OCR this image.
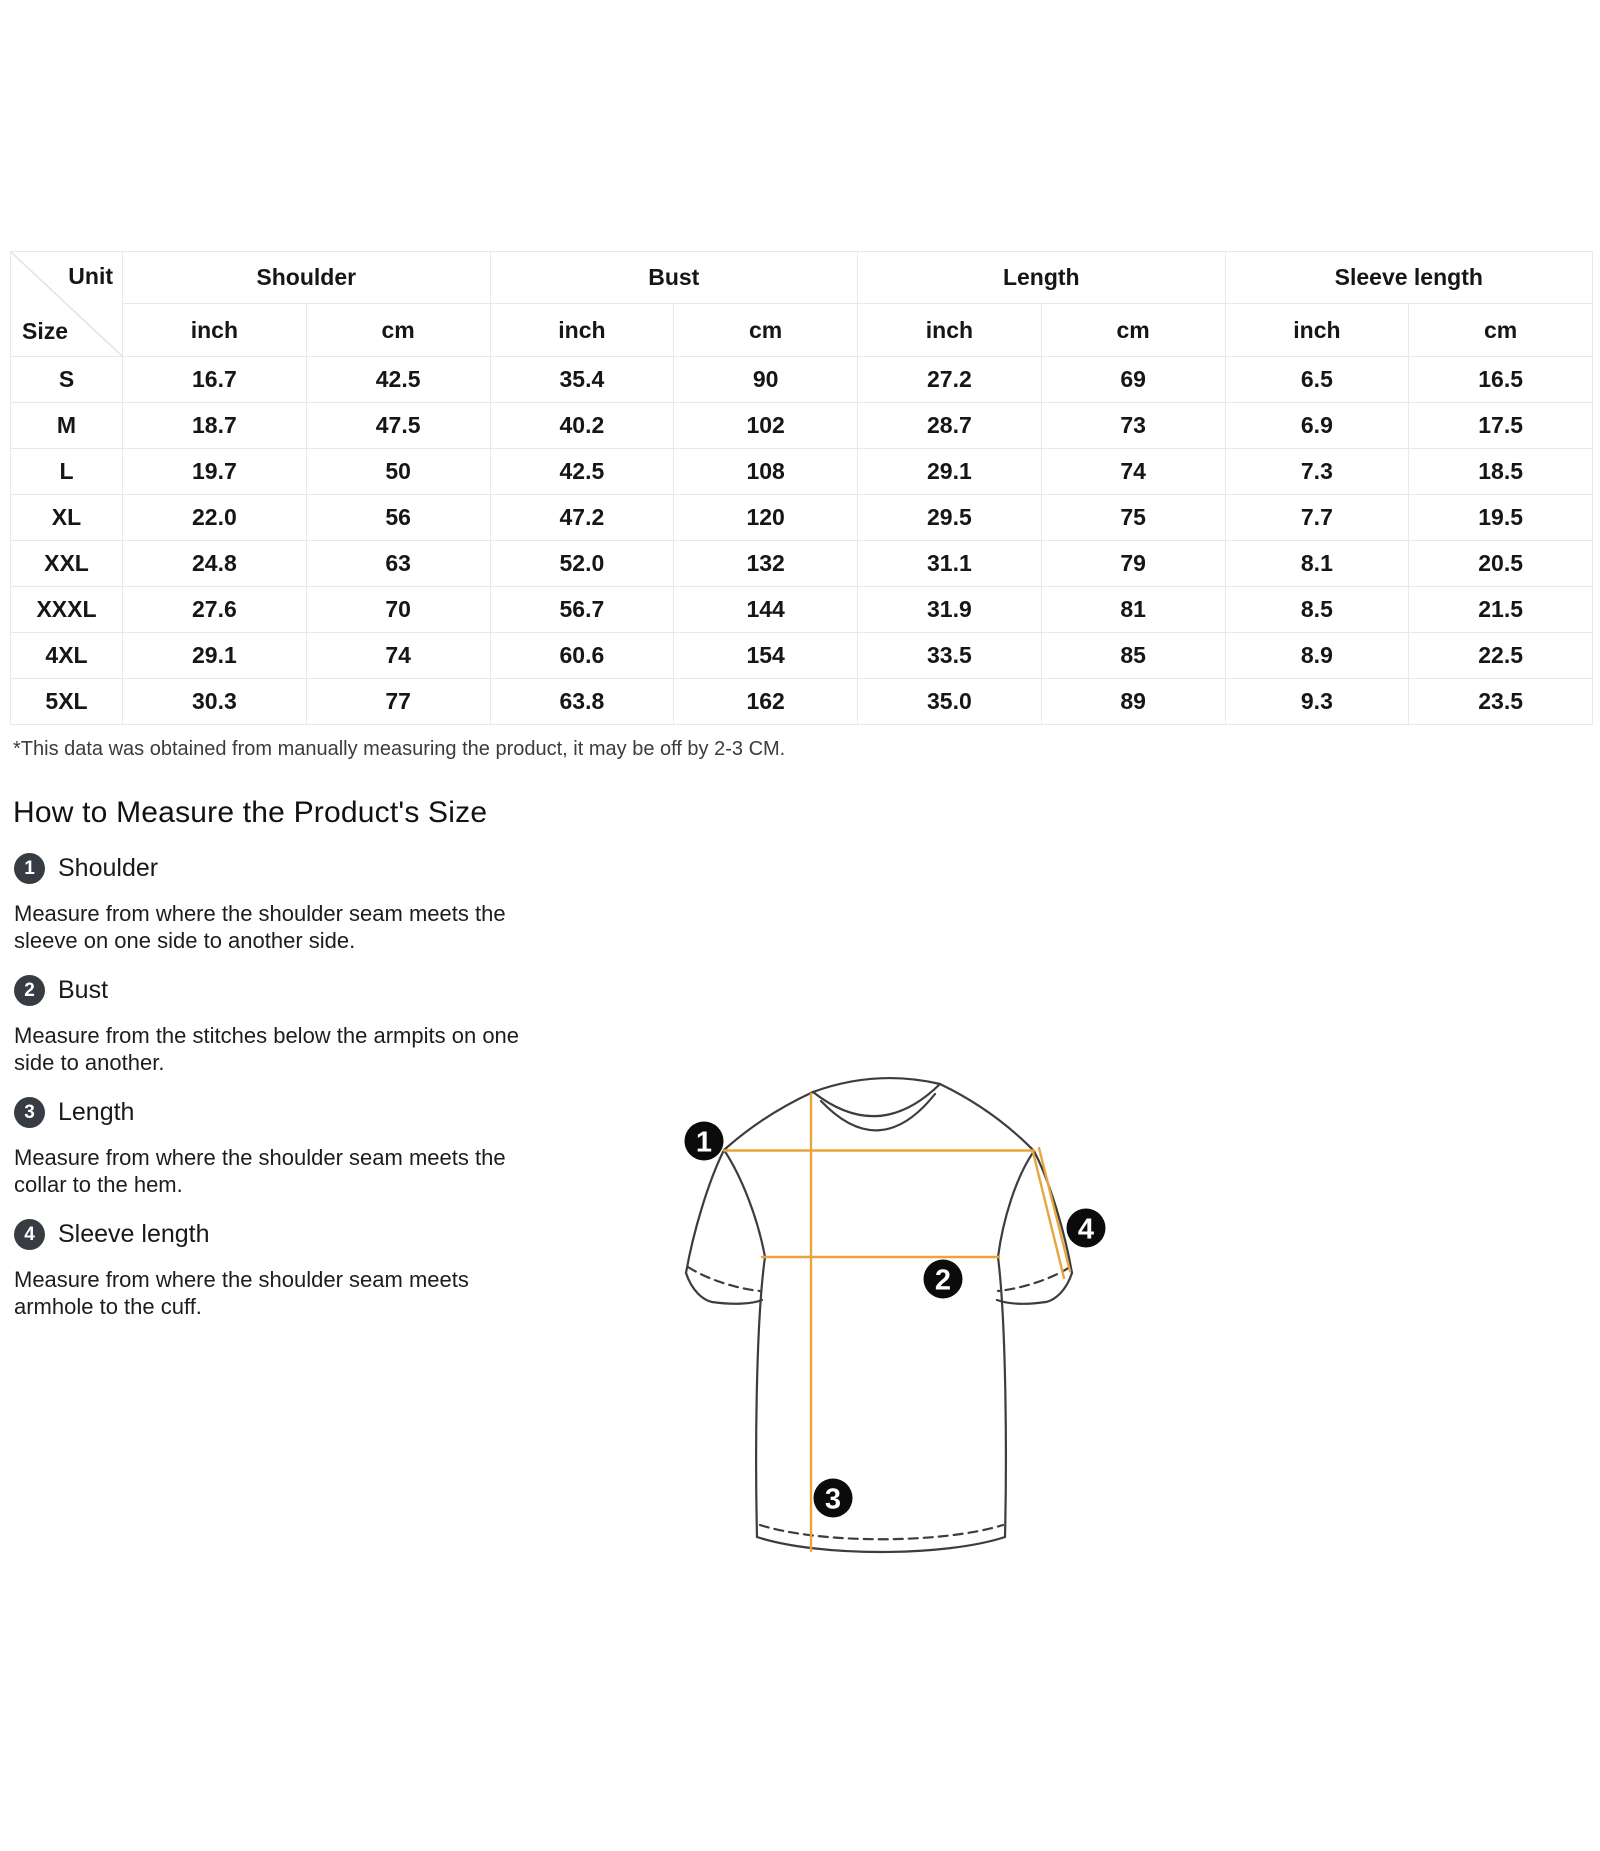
Unit
Size	Shoulder		Bust		Length		Sleeve length	
	inch	cm	inch	cm	inch	cm	inch	cm
S	16.7	42.5	35.4	90	27.2	69	6.5	16.5
M	18.7	47.5	40.2	102	28.7	73	6.9	17.5
L	19.7	50	42.5	108	29.1	74	7.3	18.5
XL	22.0	56	47.2	120	29.5	75	7.7	19.5
XXL	24.8	63	52.0	132	31.1	79	8.1	20.5
XXXL	27.6	70	56.7	144	31.9	81	8.5	21.5
4XL	29.1	74	60.6	154	33.5	85	8.9	22.5
5XL	30.3	77	63.8	162	35.0	89	9.3	23.5
*This data was obtained from manually measuring the product, it may be off by 2-3 CM.
How to Measure the Product's Size
1 Shoulder

Measure from where the shoulder seam meets the
sleeve on one side to another side.

2 Bust

Measure from the stitches below the armpits on one
side to another.

3 Length

Measure from where the shoulder seam meets the
collar to the hem.

4 Sleeve length

Measure from where the shoulder seam meets
armhole to the cuff.

1
2
3
4
